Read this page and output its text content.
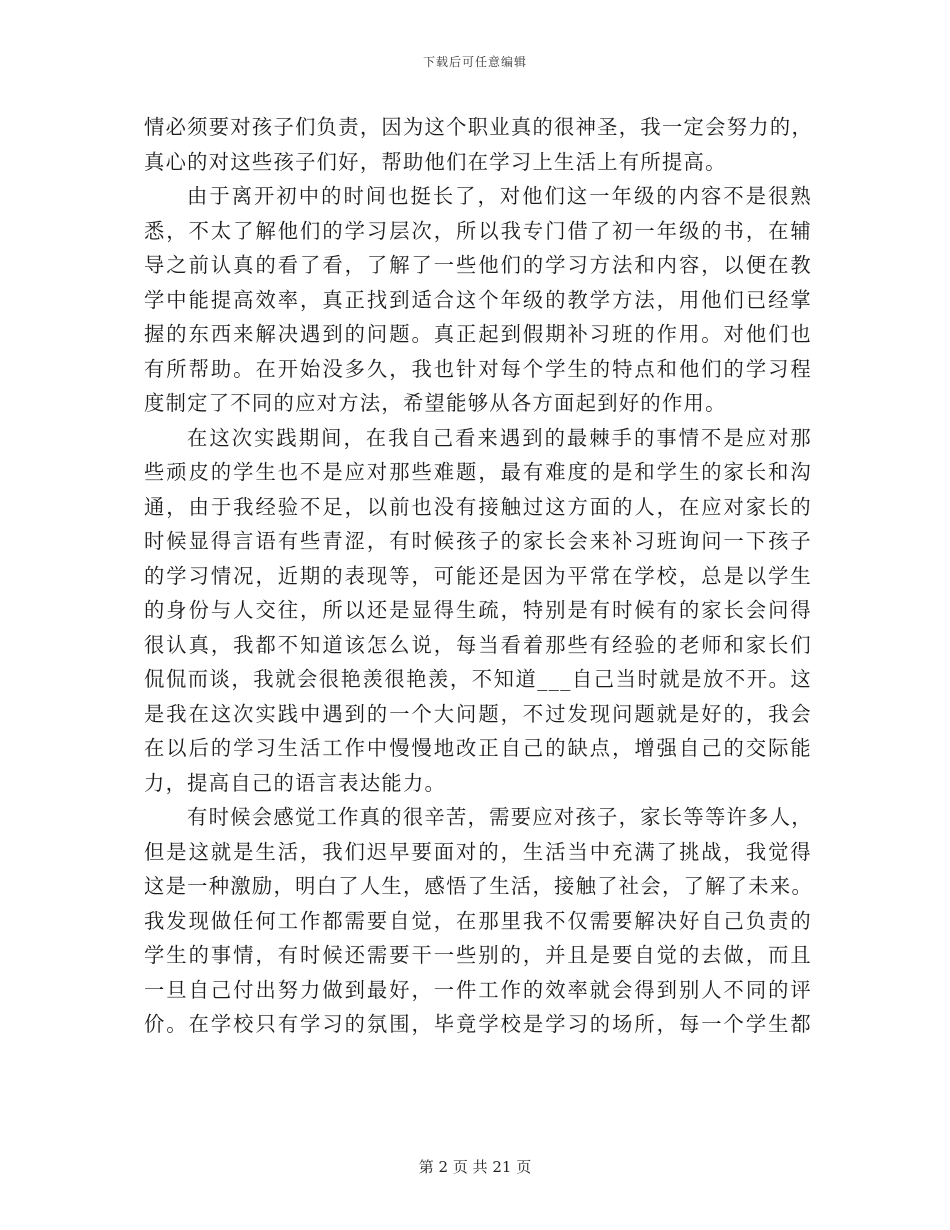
下载后可任意编辑
情必须要对孩子们负责，因为这个职业真的很神圣，我一定会努力的，
真心的对这些孩子们好，帮助他们在学习上生活上有所提高。
由于离开初中的时间也挺长了，对他们这一年级的内容不是很熟
悉，不太了解他们的学习层次，所以我专门借了初一年级的书，在辅
导之前认真的看了看，了解了一些他们的学习方法和内容，以便在教
学中能提高效率，真正找到适合这个年级的教学方法，用他们已经掌
握的东西来解决遇到的问题。真正起到假期补习班的作用。对他们也
有所帮助。在开始没多久，我也针对每个学生的特点和他们的学习程
度制定了不同的应对方法，希望能够从各方面起到好的作用。
在这次实践期间，在我自己看来遇到的最棘手的事情不是应对那
些顽皮的学生也不是应对那些难题，最有难度的是和学生的家长和沟
通，由于我经验不足，以前也没有接触过这方面的人，在应对家长的
时候显得言语有些青涩，有时候孩子的家长会来补习班询问一下孩子
的学习情况，近期的表现等，可能还是因为平常在学校，总是以学生
的身份与人交往，所以还是显得生疏，特别是有时候有的家长会问得
很认真，我都不知道该怎么说，每当看着那些有经验的老师和家长们
侃侃而谈，我就会很艳羡很艳羡，不知道___自己当时就是放不开。这
是我在这次实践中遇到的一个大问题，不过发现问题就是好的，我会
在以后的学习生活工作中慢慢地改正自己的缺点，增强自己的交际能
力，提高自己的语言表达能力。
有时候会感觉工作真的很辛苦，需要应对孩子，家长等等许多人，
但是这就是生活，我们迟早要面对的，生活当中充满了挑战，我觉得
这是一种激励，明白了人生，感悟了生活，接触了社会，了解了未来。
我发现做任何工作都需要自觉，在那里我不仅需要解决好自己负责的
学生的事情，有时候还需要干一些别的，并且是要自觉的去做，而且
一旦自己付出努力做到最好，一件工作的效率就会得到别人不同的评
价。在学校只有学习的氛围，毕竟学校是学习的场所，每一个学生都
第 2 页 共 21 页
